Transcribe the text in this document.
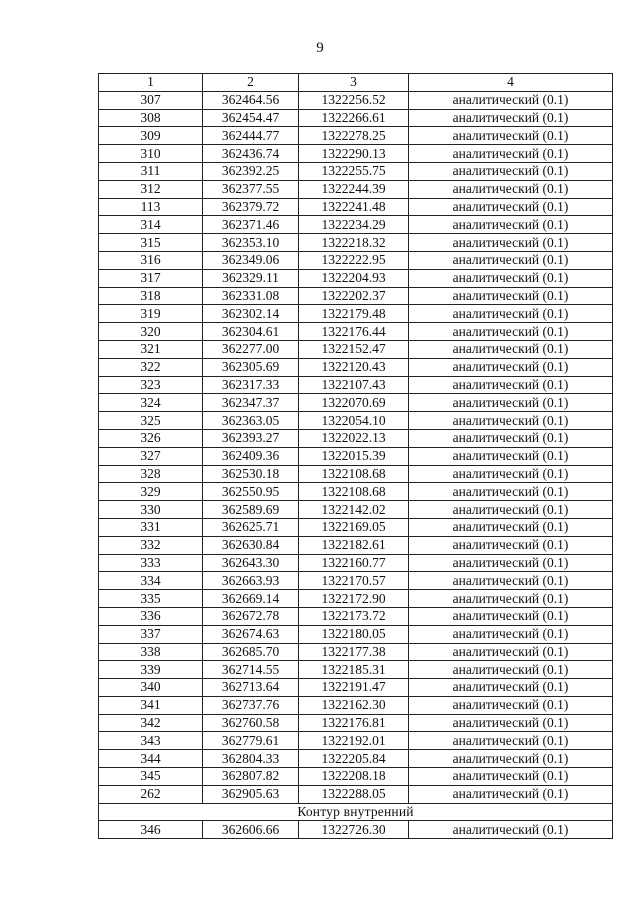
9
1	2	3	4
307	362464.56	1322256.52	аналитический (0.1)
308	362454.47	1322266.61	аналитический (0.1)
309	362444.77	1322278.25	аналитический (0.1)
310	362436.74	1322290.13	аналитический (0.1)
311	362392.25	1322255.75	аналитический (0.1)
312	362377.55	1322244.39	аналитический (0.1)
113	362379.72	1322241.48	аналитический (0.1)
314	362371.46	1322234.29	аналитический (0.1)
315	362353.10	1322218.32	аналитический (0.1)
316	362349.06	1322222.95	аналитический (0.1)
317	362329.11	1322204.93	аналитический (0.1)
318	362331.08	1322202.37	аналитический (0.1)
319	362302.14	1322179.48	аналитический (0.1)
320	362304.61	1322176.44	аналитический (0.1)
321	362277.00	1322152.47	аналитический (0.1)
322	362305.69	1322120.43	аналитический (0.1)
323	362317.33	1322107.43	аналитический (0.1)
324	362347.37	1322070.69	аналитический (0.1)
325	362363.05	1322054.10	аналитический (0.1)
326	362393.27	1322022.13	аналитический (0.1)
327	362409.36	1322015.39	аналитический (0.1)
328	362530.18	1322108.68	аналитический (0.1)
329	362550.95	1322108.68	аналитический (0.1)
330	362589.69	1322142.02	аналитический (0.1)
331	362625.71	1322169.05	аналитический (0.1)
332	362630.84	1322182.61	аналитический (0.1)
333	362643.30	1322160.77	аналитический (0.1)
334	362663.93	1322170.57	аналитический (0.1)
335	362669.14	1322172.90	аналитический (0.1)
336	362672.78	1322173.72	аналитический (0.1)
337	362674.63	1322180.05	аналитический (0.1)
338	362685.70	1322177.38	аналитический (0.1)
339	362714.55	1322185.31	аналитический (0.1)
340	362713.64	1322191.47	аналитический (0.1)
341	362737.76	1322162.30	аналитический (0.1)
342	362760.58	1322176.81	аналитический (0.1)
343	362779.61	1322192.01	аналитический (0.1)
344	362804.33	1322205.84	аналитический (0.1)
345	362807.82	1322208.18	аналитический (0.1)
262	362905.63	1322288.05	аналитический (0.1)
Контур внутренний			
346	362606.66	1322726.30	аналитический (0.1)
